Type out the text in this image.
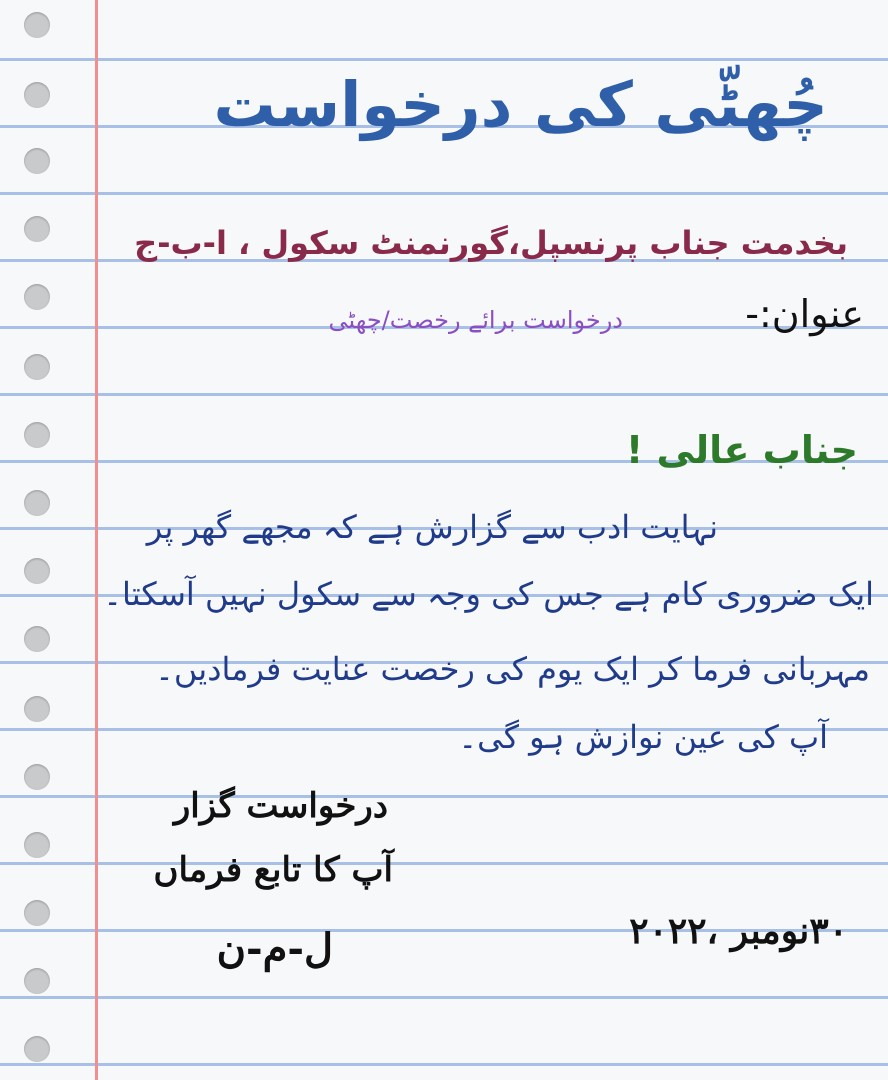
چُھٹّی کی درخواست
بخدمت جناب پرنسپل،گورنمنٹ سکول ، ا-ب-ج
عنوان:-
درخواست برائے رخصت/چھٹی
جناب عالی !
نہایت ادب سے گزارش ہے کہ مجھے گھر پر
ایک ضروری کام ہے جس کی وجہ سے سکول نہیں آسکتا۔
مہربانی فرما کر ایک یوم کی رخصت عنایت فرمادیں۔
آپ کی عین نوازش ہو گی۔
درخواست گزار
آپ کا تابع فرماں
ل-م-ن	۳۰نومبر ،۲۰۲۲
